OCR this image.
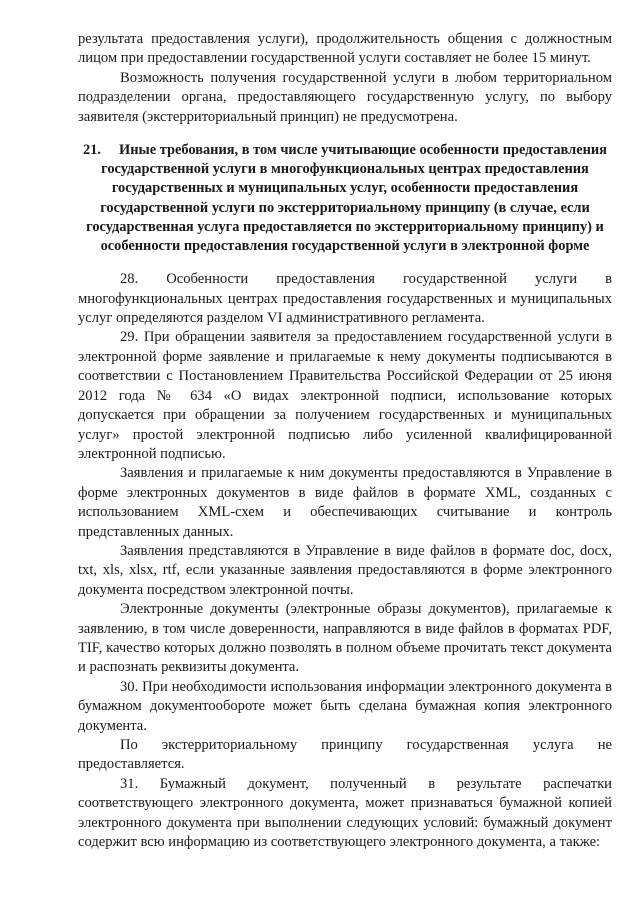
результата предоставления услуги), продолжительность общения с должностным лицом при предоставлении государственной услуги составляет не более 15 минут.

Возможность получения государственной услуги в любом территориальном подразделении органа, предоставляющего государственную услугу, по выбору заявителя (экстерриториальный принцип) не предусмотрена.

21. Иные требования, в том числе учитывающие особенности предоставления государственной услуги в многофункциональных центрах предоставления государственных и муниципальных услуг, особенности предоставления государственной услуги по экстерриториальному принципу (в случае, если государственная услуга предоставляется по экстерриториальному принципу) и особенности предоставления государственной услуги в электронной форме

28. Особенности предоставления государственной услуги в многофункциональных центрах предоставления государственных и муниципальных услуг определяются разделом VI административного регламента.

29. При обращении заявителя за предоставлением государственной услуги в электронной форме заявление и прилагаемые к нему документы подписываются в соответствии с Постановлением Правительства Российской Федерации от 25 июня 2012 года № 634 «О видах электронной подписи, использование которых допускается при обращении за получением государственных и муниципальных услуг» простой электронной подписью либо усиленной квалифицированной электронной подписью.

Заявления и прилагаемые к ним документы предоставляются в Управление в форме электронных документов в виде файлов в формате XML, созданных с использованием XML-схем и обеспечивающих считывание и контроль представленных данных.

Заявления представляются в Управление в виде файлов в формате doc, docx, txt, xls, xlsx, rtf, если указанные заявления предоставляются в форме электронного документа посредством электронной почты.

Электронные документы (электронные образы документов), прилагаемые к заявлению, в том числе доверенности, направляются в виде файлов в форматах PDF, TIF, качество которых должно позволять в полном объеме прочитать текст документа и распознать реквизиты документа.

30. При необходимости использования информации электронного документа в бумажном документообороте может быть сделана бумажная копия электронного документа.

По экстерриториальному принципу государственная услуга не предоставляется.

31. Бумажный документ, полученный в результате распечатки соответствующего электронного документа, может признаваться бумажной копией электронного документа при выполнении следующих условий: бумажный документ содержит всю информацию из соответствующего электронного документа, а также:
